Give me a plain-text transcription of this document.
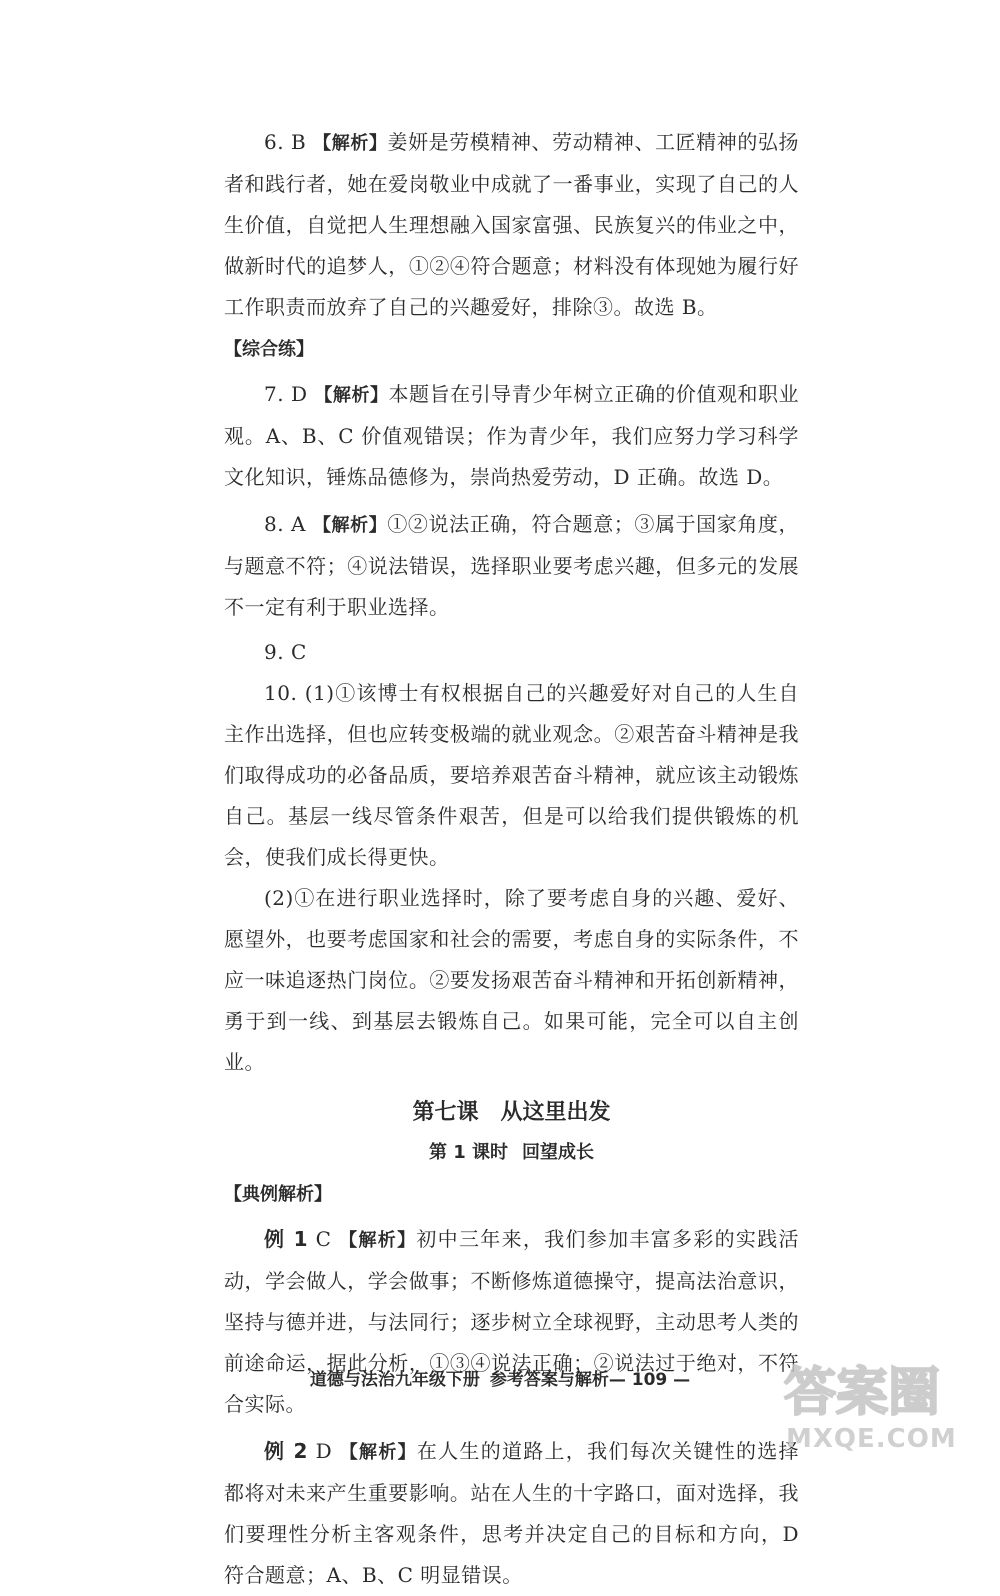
6. B 【解析】姜妍是劳模精神、劳动精神、工匠精神的弘扬者和践行者，她在爱岗敬业中成就了一番事业，实现了自己的人生价值，自觉把人生理想融入国家富强、民族复兴的伟业之中，做新时代的追梦人，①②④符合题意；材料没有体现她为履行好工作职责而放弃了自己的兴趣爱好，排除③。故选 B。

【综合练】

7. D 【解析】本题旨在引导青少年树立正确的价值观和职业观。A、B、C 价值观错误；作为青少年，我们应努力学习科学文化知识，锤炼品德修为，崇尚热爱劳动，D 正确。故选 D。

8. A 【解析】①②说法正确，符合题意；③属于国家角度，与题意不符；④说法错误，选择职业要考虑兴趣，但多元的发展不一定有利于职业选择。

9. C

10. (1)①该博士有权根据自己的兴趣爱好对自己的人生自主作出选择，但也应转变极端的就业观念。②艰苦奋斗精神是我们取得成功的必备品质，要培养艰苦奋斗精神，就应该主动锻炼自己。基层一线尽管条件艰苦，但是可以给我们提供锻炼的机会，使我们成长得更快。

(2)①在进行职业选择时，除了要考虑自身的兴趣、爱好、愿望外，也要考虑国家和社会的需要，考虑自身的实际条件，不应一味追逐热门岗位。②要发扬艰苦奋斗精神和开拓创新精神，勇于到一线、到基层去锻炼自己。如果可能，完全可以自主创业。

第七课 从这里出发
第 1 课时 回望成长
【典例解析】

例 1 C 【解析】初中三年来，我们参加丰富多彩的实践活动，学会做人，学会做事；不断修炼道德操守，提高法治意识，坚持与德并进，与法同行；逐步树立全球视野，主动思考人类的前途命运，据此分析，①③④说法正确；②说法过于绝对，不符合实际。

例 2 D 【解析】在人生的道路上，我们每次关键性的选择都将对未来产生重要影响。站在人生的十字路口，面对选择，我们要理性分析主客观条件，思考并决定自己的目标和方向，D 符合题意；A、B、C 明显错误。

道德与法治九年级下册 参考答案与解析— 109 —	答案圈
MXQE.COM
